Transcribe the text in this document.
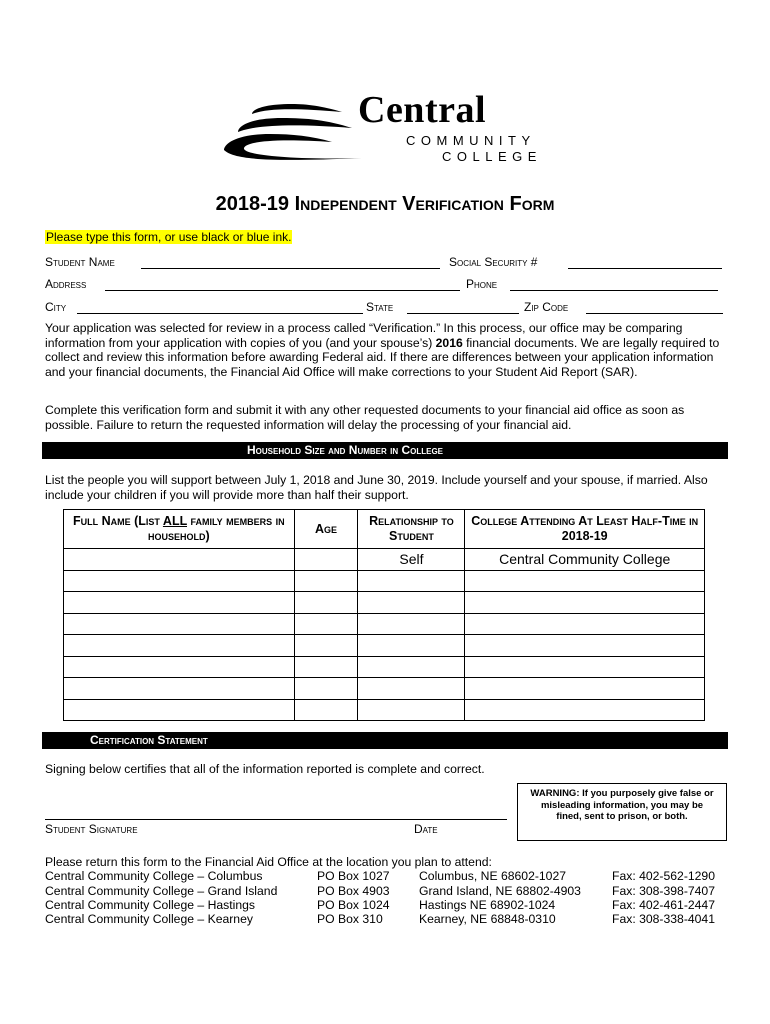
Central
COMMUNITY
COLLEGE
2018-19 Independent Verification Form
Please type this form, or use black or blue ink.
Student Name	Social Security #
Address	Phone
City	State	Zip Code
Your application was selected for review in a process called “Verification.” In this process, our office may be comparing information from your application with copies of you (and your spouse’s) 2016 financial documents. We are legally required to collect and review this information before awarding Federal aid. If there are differences between your application information and your financial documents, the Financial Aid Office will make corrections to your Student Aid Report (SAR).
Complete this verification form and submit it with any other requested documents to your financial aid office as soon as possible. Failure to return the requested information will delay the processing of your financial aid.
Household Size and Number in College
List the people you will support between July 1, 2018 and June 30, 2019. Include yourself and your spouse, if married. Also include your children if you will provide more than half their support.
Full Name (List ALL family members in household)	Age	Relationship to Student	College Attending At Least Half-Time in 2018-19
		Self	Central Community College

Certification Statement
Signing below certifies that all of the information reported is complete and correct.
Student Signature	Date
WARNING: If you purposely give false or misleading information, you may be fined, sent to prison, or both.
Please return this form to the Financial Aid Office at the location you plan to attend:
Central Community College – Columbus	PO Box 1027 Columbus, NE 68602-1027	Fax: 402-562-1290
Central Community College – Grand Island	PO Box 4903 Grand Island, NE 68802-4903	Fax: 308-398-7407
Central Community College – Hastings	PO Box 1024 Hastings NE 68902-1024	Fax: 402-461-2447
Central Community College – Kearney	PO Box 310	Kearney, NE 68848-0310	Fax: 308-338-4041
